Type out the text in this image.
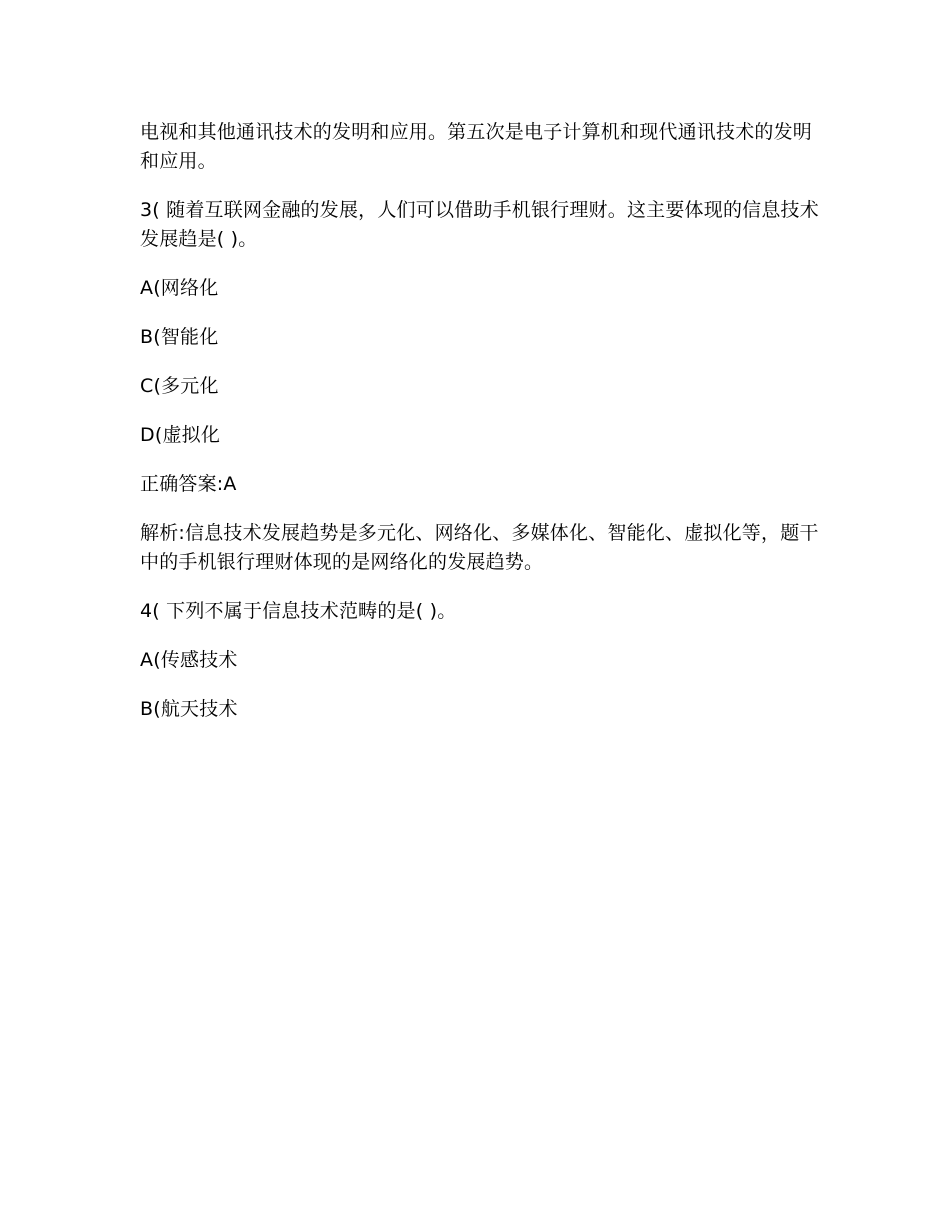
电视和其他通讯技术的发明和应用。第五次是电子计算机和现代通讯技术的发明和应用。

3( 随着互联网金融的发展，人们可以借助手机银行理财。这主要体现的信息技术发展趋是( )。

A(网络化

B(智能化

C(多元化

D(虚拟化

正确答案:A

解析:信息技术发展趋势是多元化、网络化、多媒体化、智能化、虚拟化等，题干中的手机银行理财体现的是网络化的发展趋势。

4( 下列不属于信息技术范畴的是( )。

A(传感技术

B(航天技术
